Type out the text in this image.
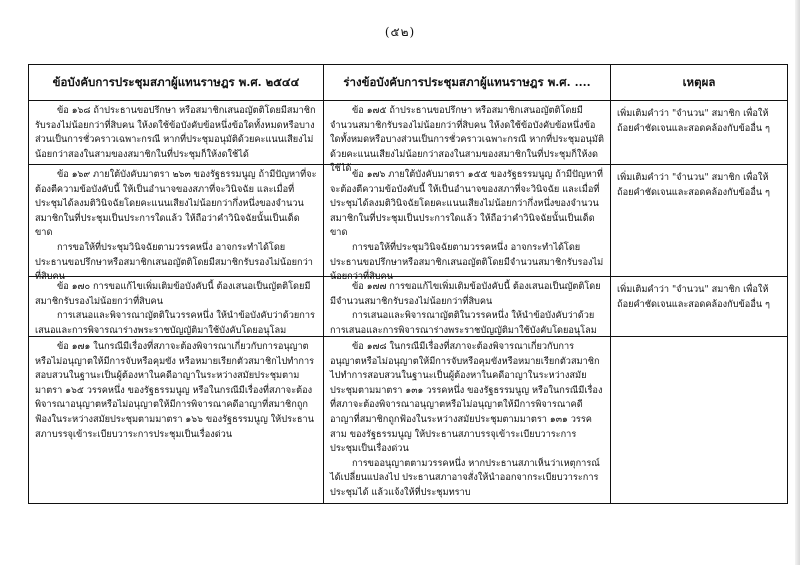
(๕๒)
ข้อบังคับการประชุมสภาผู้แทนราษฎร พ.ศ. ๒๕๔๔	ร่างข้อบังคับการประชุมสภาผู้แทนราษฎร พ.ศ. ....	เหตุผล

ข้อ ๑๖๘ ถ้าประธานขอปรึกษา หรือสมาชิกเสนอญัตติโดยมีสมาชิกรับรองไม่น้อยกว่าที่สิบคน ให้งดใช้ข้อบังคับข้อหนึ่งข้อใดทั้งหมดหรือบางส่วนเป็นการชั่วคราวเฉพาะกรณี หากที่ประชุมอนุมัติด้วยคะแนนเสียงไม่น้อยกว่าสองในสามของสมาชิกในที่ประชุมก็ให้งดใช้ได้

ข้อ ๑๗๕ ถ้าประธานขอปรึกษา หรือสมาชิกเสนอญัตติโดยมีจำนวนสมาชิกรับรองไม่น้อยกว่าที่สิบคน ให้งดใช้ข้อบังคับข้อหนึ่งข้อใดทั้งหมดหรือบางส่วนเป็นการชั่วคราวเฉพาะกรณี หากที่ประชุมอนุมัติด้วยคะแนนเสียงไม่น้อยกว่าสองในสามของสมาชิกในที่ประชุมก็ให้งดใช้ได้

เพิ่มเติมคำว่า "จำนวน" สมาชิก เพื่อให้ถ้อยคำชัดเจนและสอดคล้องกับข้ออื่น ๆ

ข้อ ๑๖๙ ภายใต้บังคับมาตรา ๒๖๓ ของรัฐธรรมนูญ ถ้ามีปัญหาที่จะต้องตีความข้อบังคับนี้ ให้เป็นอำนาจของสภาที่จะวินิจฉัย และเมื่อที่ประชุมได้ลงมติวินิจฉัยโดยคะแนนเสียงไม่น้อยกว่ากึ่งหนึ่งของจำนวนสมาชิกในที่ประชุมเป็นประการใดแล้ว ให้ถือว่าคำวินิจฉัยนั้นเป็นเด็ดขาด

การขอให้ที่ประชุมวินิจฉัยตามวรรคหนึ่ง อาจกระทำได้โดยประธานขอปรึกษาหรือสมาชิกเสนอญัตติโดยมีสมาชิกรับรองไม่น้อยกว่าที่สิบคน

ข้อ ๑๗๖ ภายใต้บังคับมาตรา ๑๕๕ ของรัฐธรรมนูญ ถ้ามีปัญหาที่จะต้องตีความข้อบังคับนี้ ให้เป็นอำนาจของสภาที่จะวินิจฉัย และเมื่อที่ประชุมได้ลงมติวินิจฉัยโดยคะแนนเสียงไม่น้อยกว่ากึ่งหนึ่งของจำนวนสมาชิกในที่ประชุมเป็นประการใดแล้ว ให้ถือว่าคำวินิจฉัยนั้นเป็นเด็ดขาด

การขอให้ที่ประชุมวินิจฉัยตามวรรคหนึ่ง อาจกระทำได้โดยประธานขอปรึกษาหรือสมาชิกเสนอญัตติโดยมีจำนวนสมาชิกรับรองไม่น้อยกว่าที่สิบคน

เพิ่มเติมคำว่า "จำนวน" สมาชิก เพื่อให้ถ้อยคำชัดเจนและสอดคล้องกับข้ออื่น ๆ

ข้อ ๑๗๐ การขอแก้ไขเพิ่มเติมข้อบังคับนี้ ต้องเสนอเป็นญัตติโดยมีสมาชิกรับรองไม่น้อยกว่าที่สิบคน

การเสนอและพิจารณาญัตติในวรรคหนึ่ง ให้นำข้อบังคับว่าด้วยการเสนอและการพิจารณาร่างพระราชบัญญัติมาใช้บังคับโดยอนุโลม

ข้อ ๑๗๗ การขอแก้ไขเพิ่มเติมข้อบังคับนี้ ต้องเสนอเป็นญัตติโดยมีจำนวนสมาชิกรับรองไม่น้อยกว่าที่สิบคน

การเสนอและพิจารณาญัตติในวรรคหนึ่ง ให้นำข้อบังคับว่าด้วยการเสนอและการพิจารณาร่างพระราชบัญญัติมาใช้บังคับโดยอนุโลม

เพิ่มเติมคำว่า "จำนวน" สมาชิก เพื่อให้ถ้อยคำชัดเจนและสอดคล้องกับข้ออื่น ๆ

ข้อ ๑๗๑ ในกรณีมีเรื่องที่สภาจะต้องพิจารณาเกี่ยวกับการอนุญาตหรือไม่อนุญาตให้มีการจับหรือคุมขัง หรือหมายเรียกตัวสมาชิกไปทำการสอบสวนในฐานะเป็นผู้ต้องหาในคดีอาญาในระหว่างสมัยประชุมตามมาตรา ๑๖๕ วรรคหนึ่ง ของรัฐธรรมนูญ หรือในกรณีมีเรื่องที่สภาจะต้องพิจารณาอนุญาตหรือไม่อนุญาตให้มีการพิจารณาคดีอาญาที่สมาชิกถูกฟ้องในระหว่างสมัยประชุมตามมาตรา ๑๖๖ ของรัฐธรรมนูญ ให้ประธานสภาบรรจุเข้าระเบียบวาระการประชุมเป็นเรื่องด่วน

ข้อ ๑๗๘ ในกรณีมีเรื่องที่สภาจะต้องพิจารณาเกี่ยวกับการอนุญาตหรือไม่อนุญาตให้มีการจับหรือคุมขังหรือหมายเรียกตัวสมาชิกไปทำการสอบสวนในฐานะเป็นผู้ต้องหาในคดีอาญาในระหว่างสมัยประชุมตามมาตรา ๑๓๑ วรรคหนึ่ง ของรัฐธรรมนูญ หรือในกรณีมีเรื่องที่สภาจะต้องพิจารณาอนุญาตหรือไม่อนุญาตให้มีการพิจารณาคดีอาญาที่สมาชิกถูกฟ้องในระหว่างสมัยประชุมตามมาตรา ๑๓๑ วรรคสาม ของรัฐธรรมนูญ ให้ประธานสภาบรรจุเข้าระเบียบวาระการประชุมเป็นเรื่องด่วน

การขออนุญาตตามวรรคหนึ่ง หากประธานสภาเห็นว่าเหตุการณ์ได้เปลี่ยนแปลงไป ประธานสภาอาจสั่งให้นำออกจากระเบียบวาระการประชุมได้ แล้วแจ้งให้ที่ประชุมทราบ
